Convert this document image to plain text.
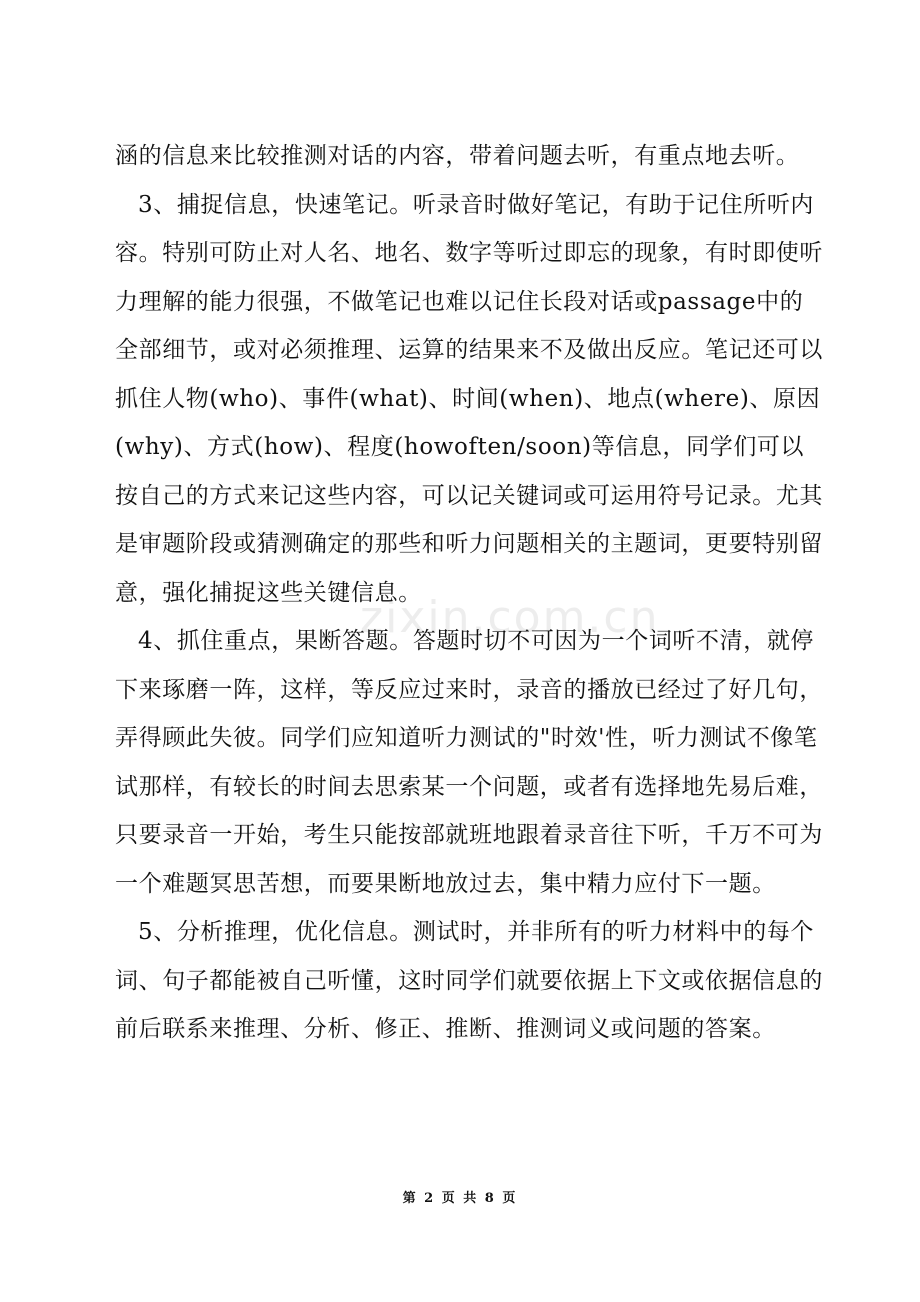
zixin.com.cn

涵的信息来比较推测对话的内容，带着问题去听，有重点地去听。

3、捕捉信息，快速笔记。听录音时做好笔记，有助于记住所听内容。特别可防止对人名、地名、数字等听过即忘的现象，有时即使听力理解的能力很强，不做笔记也难以记住长段对话或passage中的全部细节，或对必须推理、运算的结果来不及做出反应。笔记还可以抓住人物(who)、事件(what)、时间(when)、地点(where)、原因(why)、方式(how)、程度(howoften/soon)等信息，同学们可以按自己的方式来记这些内容，可以记关键词或可运用符号记录。尤其是审题阶段或猜测确定的那些和听力问题相关的主题词，更要特别留意，强化捕捉这些关键信息。

4、抓住重点，果断答题。答题时切不可因为一个词听不清，就停下来琢磨一阵，这样，等反应过来时，录音的播放已经过了好几句，弄得顾此失彼。同学们应知道听力测试的"时效'性，听力测试不像笔试那样，有较长的时间去思索某一个问题，或者有选择地先易后难，只要录音一开始，考生只能按部就班地跟着录音往下听，千万不可为一个难题冥思苦想，而要果断地放过去，集中精力应付下一题。

5、分析推理，优化信息。测试时，并非所有的听力材料中的每个词、句子都能被自己听懂，这时同学们就要依据上下文或依据信息的前后联系来推理、分析、修正、推断、推测词义或问题的答案。

第 2 页 共 8 页
